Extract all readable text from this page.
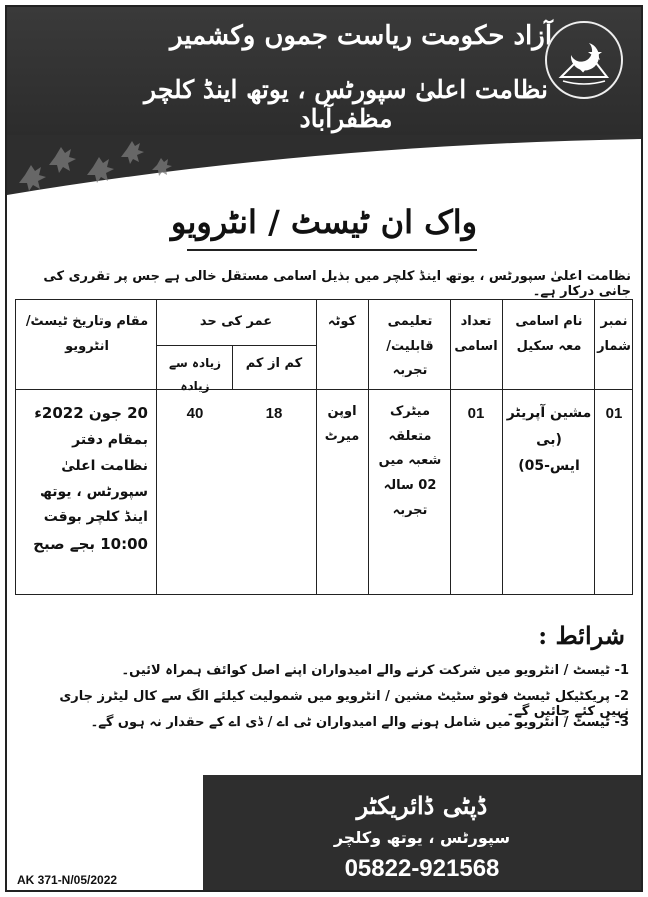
آزاد حکومت ریاست جموں وکشمیر
نظامت اعلیٰ سپورٹس ، یوتھ اینڈ کلچر مظفرآباد
واک ان ٹیسٹ / انٹرویو
نظامت اعلیٰ سپورٹس ، یوتھ اینڈ کلچر میں بذیل اسامی مستقل خالی ہے جس پر تقرری کی جانی درکار ہے۔
نمبر شمار
نام اسامی معہ سکیل
تعداد اسامی
تعلیمی قابلیت/ تجربہ
کوٹہ
عمر کی حد
کم از کم
زیادہ سے زیادہ
مقام وتاریخ ٹیسٹ/ انٹرویو
01
مشین آپریٹر (بی ایس-05)
01
میٹرک متعلقہ شعبہ میں 02 سالہ تجربہ
اوپن میرٹ
18
40
20 جون 2022ء
بمقام دفتر نظامت اعلیٰ سپورٹس ، یوتھ اینڈ کلچر بوقت
10:00 بجے صبح
شرائط :
1- ٹیسٹ / انٹرویو میں شرکت کرنے والے امیدواران اپنے اصل کوائف ہمراہ لائیں۔
2- پریکٹیکل ٹیسٹ فوٹو سٹیٹ مشین / انٹرویو میں شمولیت کیلئے الگ سے کال لیٹرز جاری نہیں کئے جائیں گے۔
3- ٹیسٹ / انٹرویو میں شامل ہونے والے امیدواران ٹی اے / ڈی اے کے حقدار نہ ہوں گے۔
ڈپٹی ڈائریکٹر
سپورٹس ، یوتھ وکلچر
05822-921568
AK 371-N/05/2022
